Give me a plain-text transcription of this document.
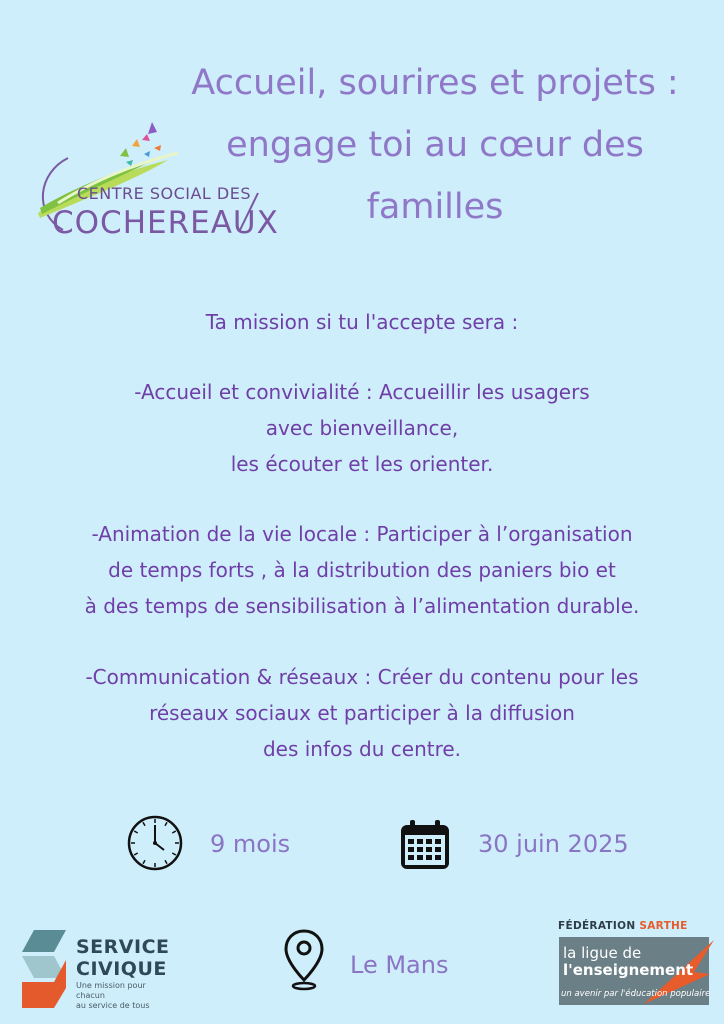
CENTRE SOCIAL DES
COCHEREAUX
Accueil, sourires et projets :
engage toi au cœur des
familles
Ta mission si tu l'accepte sera :
-Accueil et convivialité : Accueillir les usagers
avec bienveillance,
les écouter et les orienter.
-Animation de la vie locale : Participer à l’organisation
de temps forts , à la distribution des paniers bio et
à des temps de sensibilisation à l’alimentation durable.
-Communication & réseaux : Créer du contenu pour les
réseaux sociaux et participer à la diffusion
des infos du centre.
9 mois	30 juin 2025
SERVICE
CIVIQUE
Une mission pour chacun
au service de tous
Le Mans
FÉDÉRATION SARTHE
la ligue de
l'enseignement
un avenir par l'éducation populaire
